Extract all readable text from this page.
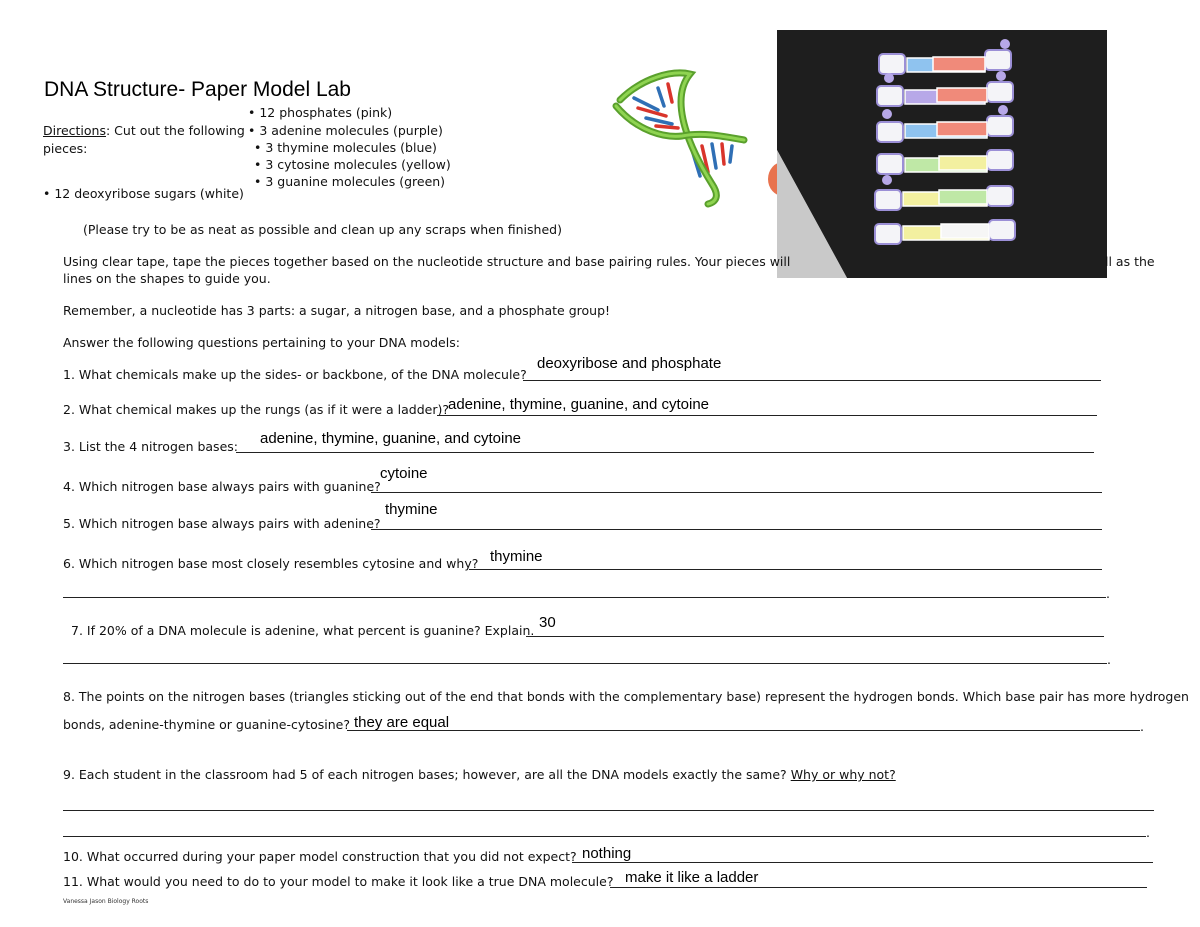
DNA Structure- Paper Model Lab
Directions: Cut out the following
pieces:
• 12 deoxyribose sugars (white)
• 12 phosphates (pink)
• 3 adenine molecules (purple)
• 3 thymine molecules (blue)
• 3 cytosine molecules (yellow)
• 3 guanine molecules (green)
(Please try to be as neat as possible and clean up any scraps when finished)
Using clear tape, tape the pieces together based on the nucleotide structure and base pairing rules. Your pieces will	ll as the
lines on the shapes to guide you.
Remember, a nucleotide has 3 parts: a sugar, a nitrogen base, and a phosphate group!
Answer the following questions pertaining to your DNA models:
1. What chemicals make up the sides- or backbone, of the DNA molecule?
deoxyribose and phosphate
2. What chemical makes up the rungs (as if it were a ladder)? adenine, thymine, guanine, and cytoine
3. List the 4 nitrogen bases: adenine, thymine, guanine, and cytoine
4. Which nitrogen base always pairs with guanine?
cytoine
5. Which nitrogen base always pairs with adenine?
thymine
6. Which nitrogen base most closely resembles cytosine and why? thymine
.
7. If 20% of a DNA molecule is adenine, what percent is guanine? Explain. 30
.
8. The points on the nitrogen bases (triangles sticking out of the end that bonds with the complementary base) represent the hydrogen bonds. Which base pair has more hydrogen
bonds, adenine-thymine or guanine-cytosine?	.
they are equal
9. Each student in the classroom had 5 of each nitrogen bases; however, are all the DNA models exactly the same? Why or why not?
.
10. What occurred during your paper model construction that you did not expect? nothing
11. What would you need to do to your model to make it look like a true DNA molecule? make it like a ladder
Vanessa Jason Biology Roots
